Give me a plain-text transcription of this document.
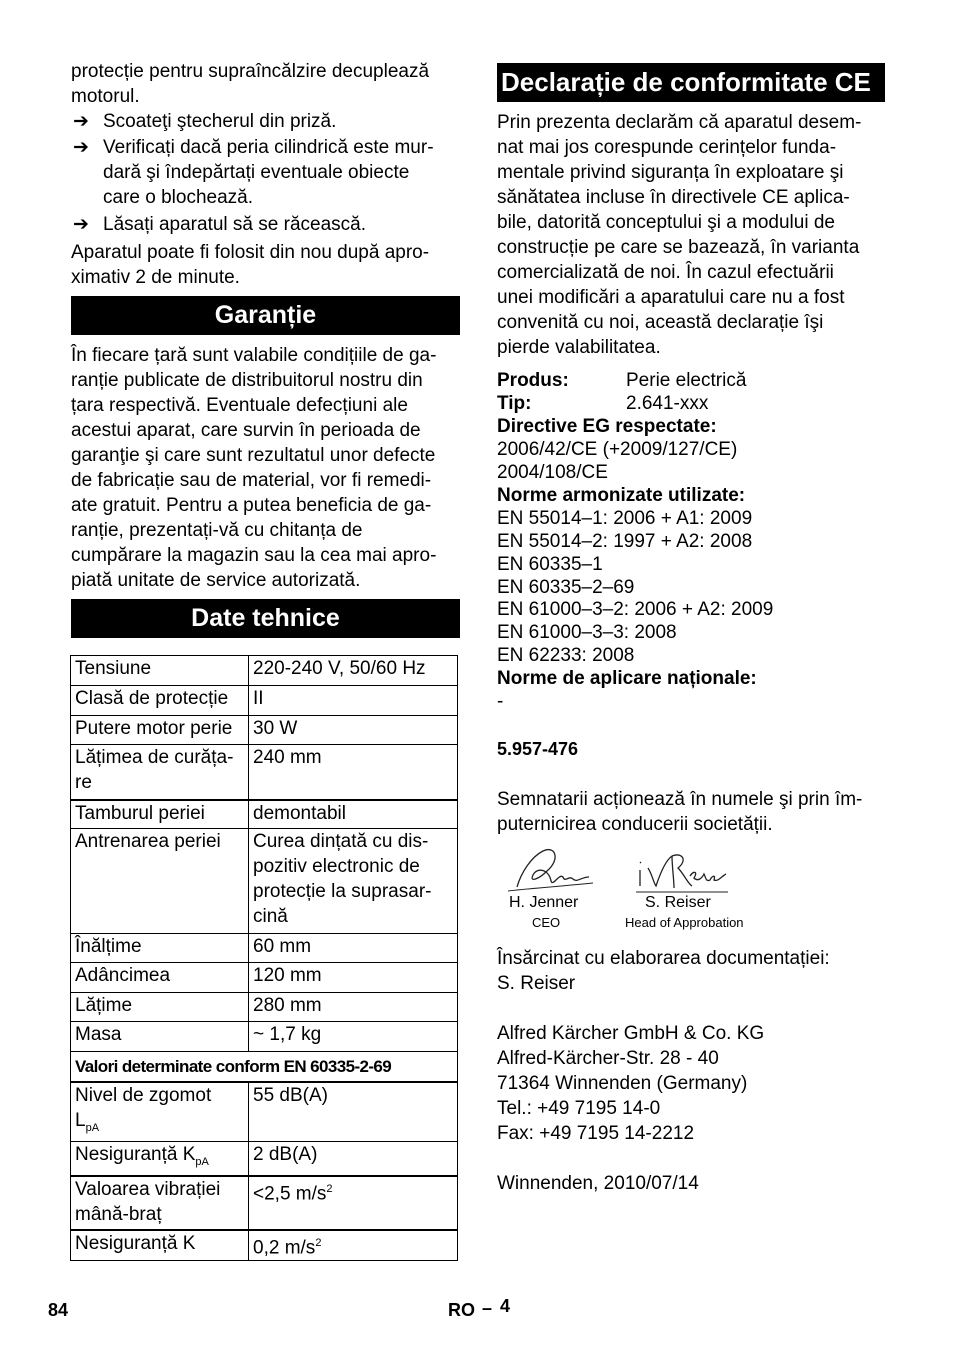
protecție pentru supraîncălzire decuplează
motorul.
➔ Scoateţi ştecherul din priză.
➔ Verificați dacă peria cilindrică este mur-
dară şi îndepărtați eventuale obiecte
care o blochează.
➔ Lăsați aparatul să se răcească.
Aparatul poate fi folosit din nou după apro-
ximativ 2 de minute.
Garanție
În fiecare țară sunt valabile condițiile de ga-
ranție publicate de distribuitorul nostru din
țara respectivă. Eventuale defecțiuni ale
acestui aparat, care survin în perioada de
garanţie şi care sunt rezultatul unor defecte
de fabricație sau de material, vor fi remedi-
ate gratuit. Pentru a putea beneficia de ga-
ranție, prezentați-vă cu chitanța de
cumpărare la magazin sau la cea mai apro-
piată unitate de service autorizată.
Date tehnice
Tensiune	220-240 V, 50/60 Hz
Clasă de protecție	II
Putere motor perie	30 W

Lățimea de curăța-
re	240 mm
Tamburul periei	demontabil
Antrenarea periei	Curea dințată cu dis-
pozitiv electronic de
protecție la suprasar-
cină

Înălțime	60 mm
Adâncimea	120 mm
Lățime	280 mm
Masa	~ 1,7 kg
Valori determinate conform EN 60335-2-69	

Nivel de zgomot
$L_{pA}$	55 dB(A)
Nesiguranță $K_{pA}$	2 dB(A)

Valoarea vibrației
mână-braț	<2,5 $m/s^2$
Nesiguranță K	0,2 $m/s^2$
Declarație de conformitate CE
Prin prezenta declarăm că aparatul desem-
nat mai jos corespunde cerințelor funda-
mentale privind siguranța în exploatare şi
sănătatea incluse în directivele CE aplica-
bile, datorită conceptului şi a modului de
construcție pe care se bazează, în varianta
comercializată de noi. În cazul efectuării
unei modificări a aparatului care nu a fost
convenită cu noi, această declarație îşi
pierde valabilitatea.
Produs:	Perie electrică
Tip:	2.641-xxx
Directive EG respectate:
2006/42/CE (+2009/127/CE)
2004/108/CE
Norme armonizate utilizate:
EN 55014–1: 2006 + A1: 2009
EN 55014–2: 1997 + A2: 2008
EN 60335–1
EN 60335–2–69
EN 61000–3–2: 2006 + A2: 2009
EN 61000–3–3: 2008
EN 62233: 2008
Norme de aplicare naționale:
-
5.957-476
Semnatarii acționează în numele şi prin îm-
puternicirea conducerii societății.
H. Jenner
CEO
S. Reiser
Head of Approbation
Însărcinat cu elaborarea documentației:
S. Reiser
Alfred Kärcher GmbH & Co. KG
Alfred-Kärcher-Str. 28 - 40
71364 Winnenden (Germany)
Tel.: +49 7195 14-0
Fax: +49 7195 14-2212
Winnenden, 2010/07/14
84	RO – 4
